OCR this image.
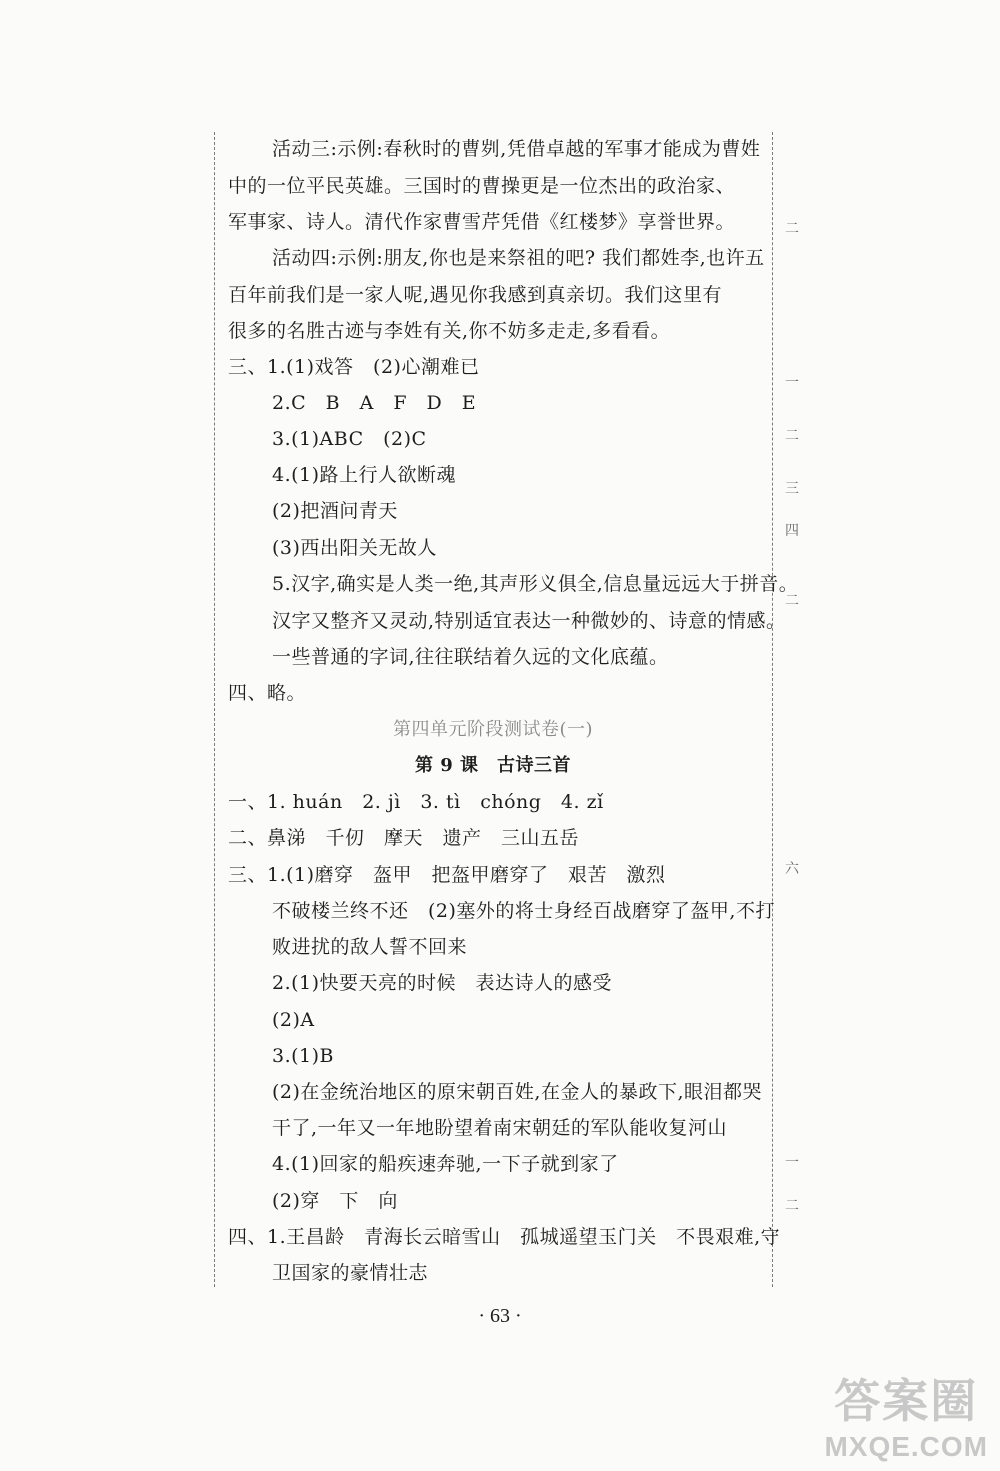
活动三:示例:春秋时的曹刿,凭借卓越的军事才能成为曹姓
中的一位平民英雄。三国时的曹操更是一位杰出的政治家、
军事家、诗人。清代作家曹雪芹凭借《红楼梦》享誉世界。
活动四:示例:朋友,你也是来祭祖的吧? 我们都姓李,也许五
百年前我们是一家人呢,遇见你我感到真亲切。我们这里有
很多的名胜古迹与李姓有关,你不妨多走走,多看看。
三、1.(1)戏答　(2)心潮难已
2.C　B　A　F　D　E
3.(1)ABC　(2)C
4.(1)路上行人欲断魂
(2)把酒问青天
(3)西出阳关无故人
5.汉字,确实是人类一绝,其声形义俱全,信息量远远大于拼音。
汉字又整齐又灵动,特别适宜表达一种微妙的、诗意的情感。
一些普通的字词,往往联结着久远的文化底蕴。
四、略。
第四单元阶段测试卷(一)
第 9 课　古诗三首
一、1. huán　2. jì　3. tì　chóng　4. zǐ
二、鼻涕　千仞　摩天　遗产　三山五岳
三、1.(1)磨穿　盔甲　把盔甲磨穿了　艰苦　激烈
不破楼兰终不还　(2)塞外的将士身经百战磨穿了盔甲,不打
败进扰的敌人誓不回来
2.(1)快要天亮的时候　表达诗人的感受
(2)A
3.(1)B
(2)在金统治地区的原宋朝百姓,在金人的暴政下,眼泪都哭
干了,一年又一年地盼望着南宋朝廷的军队能收复河山
4.(1)回家的船疾速奔驰,一下子就到家了
(2)穿　下　向
四、1.王昌龄　青海长云暗雪山　孤城遥望玉门关　不畏艰难,守
卫国家的豪情壮志
· 63 ·
二
一
二
三
四
二
六
一
二
答案圈
MXQE.COM
